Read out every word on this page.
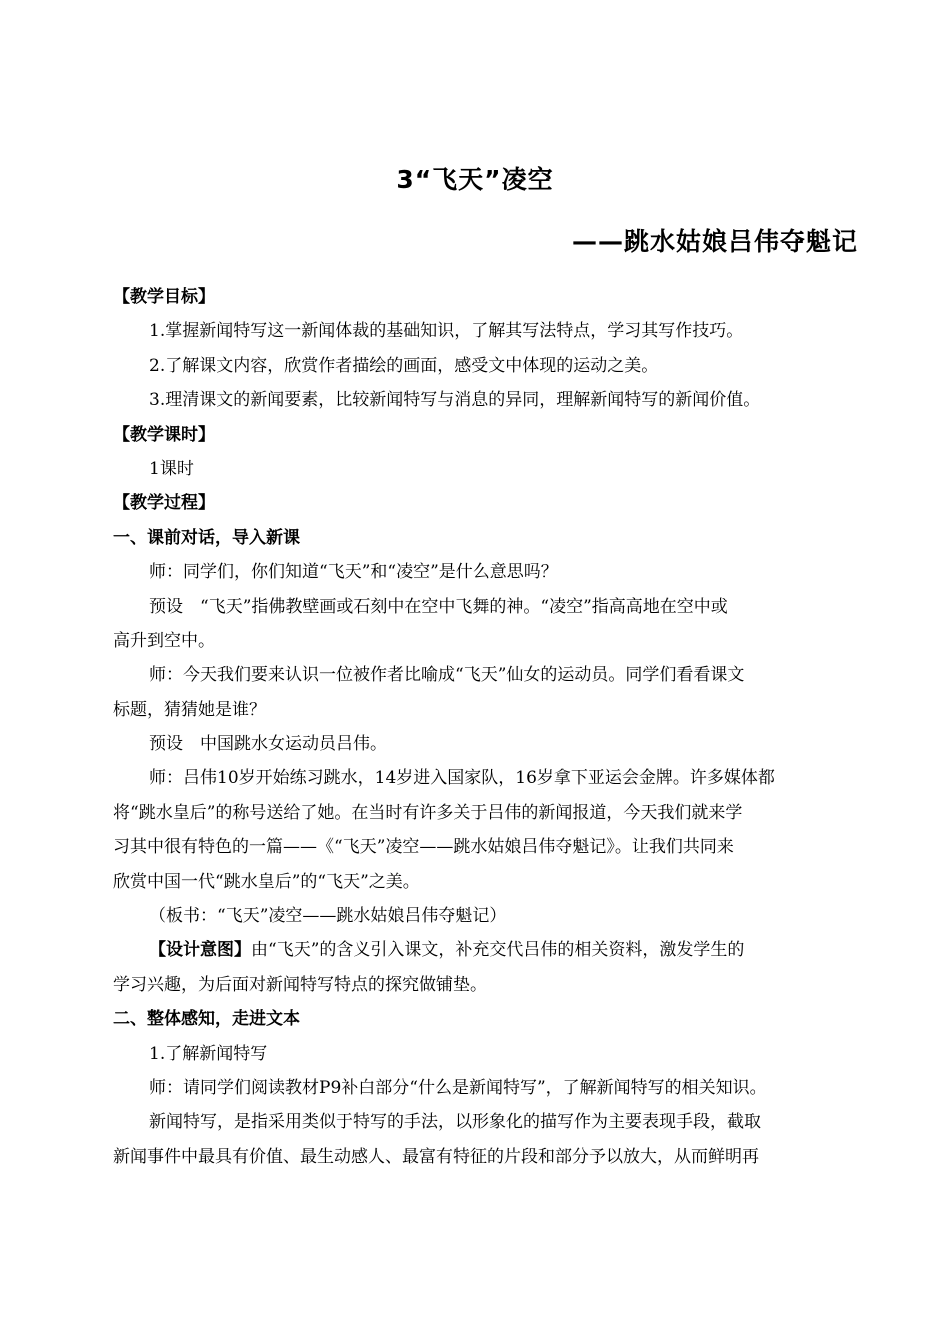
3“飞天”凌空
——跳水姑娘吕伟夺魁记
【教学目标】
1.掌握新闻特写这一新闻体裁的基础知识，了解其写法特点，学习其写作技巧。
2.了解课文内容，欣赏作者描绘的画面，感受文中体现的运动之美。
3.理清课文的新闻要素，比较新闻特写与消息的异同，理解新闻特写的新闻价值。
【教学课时】
1课时
【教学过程】
一、课前对话，导入新课
师：同学们，你们知道“飞天”和“凌空”是什么意思吗？
预设　“飞天”指佛教壁画或石刻中在空中飞舞的神。“凌空”指高高地在空中或
高升到空中。
师：今天我们要来认识一位被作者比喻成“飞天”仙女的运动员。同学们看看课文
标题，猜猜她是谁？
预设　中国跳水女运动员吕伟。
师：吕伟10岁开始练习跳水，14岁进入国家队，16岁拿下亚运会金牌。许多媒体都
将“跳水皇后”的称号送给了她。在当时有许多关于吕伟的新闻报道，今天我们就来学
习其中很有特色的一篇——《“飞天”凌空——跳水姑娘吕伟夺魁记》。让我们共同来
欣赏中国一代“跳水皇后”的“飞天”之美。
（板书：“飞天”凌空——跳水姑娘吕伟夺魁记）
【设计意图】由“飞天”的含义引入课文，补充交代吕伟的相关资料，激发学生的
学习兴趣，为后面对新闻特写特点的探究做铺垫。
二、整体感知，走进文本
1.了解新闻特写
师：请同学们阅读教材P9补白部分“什么是新闻特写”，了解新闻特写的相关知识。
新闻特写，是指采用类似于特写的手法，以形象化的描写作为主要表现手段，截取
新闻事件中最具有价值、最生动感人、最富有特征的片段和部分予以放大，从而鲜明再
